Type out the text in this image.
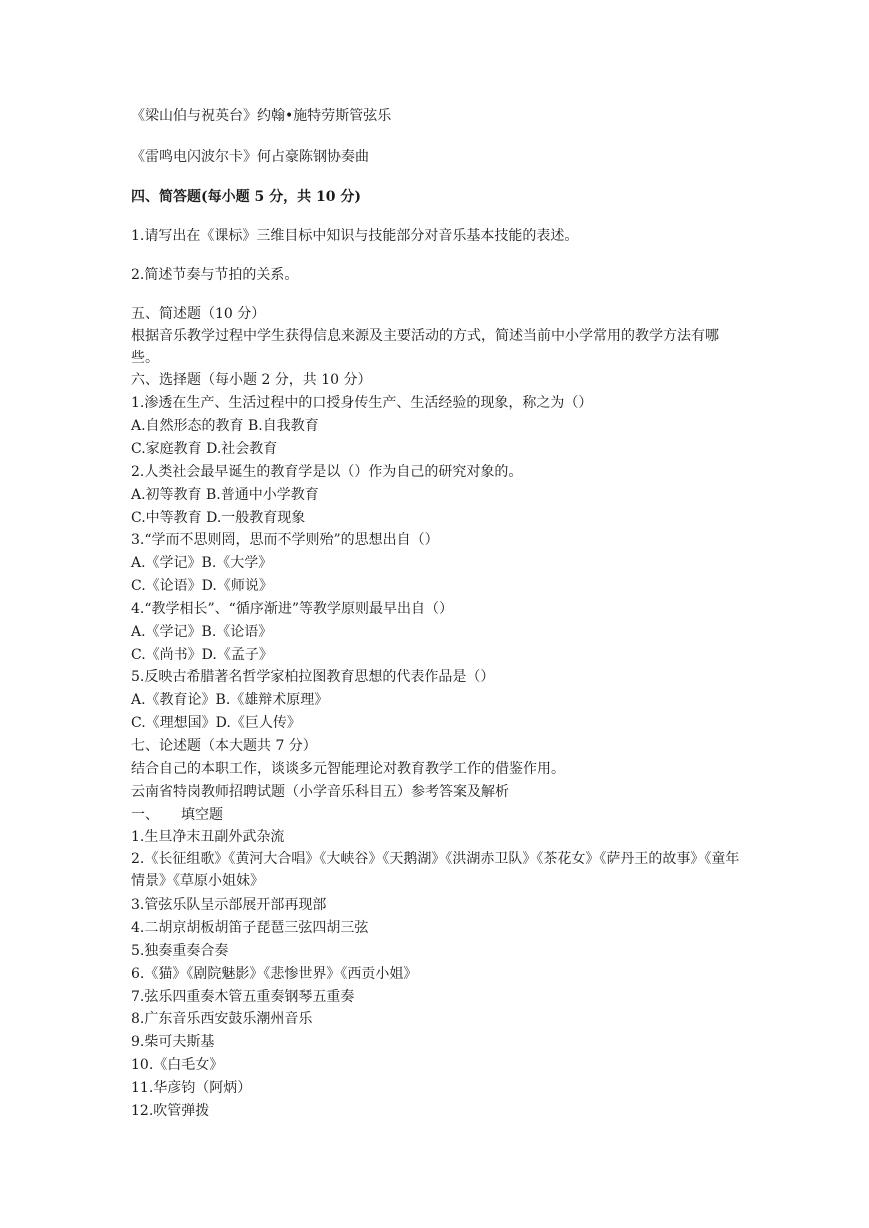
《梁山伯与祝英台》约翰•施特劳斯管弦乐
《雷鸣电闪波尔卡》何占豪陈钢协奏曲
四、简答题(每小题 5 分，共 10 分)
1.请写出在《课标》三维目标中知识与技能部分对音乐基本技能的表述。
2.简述节奏与节拍的关系。
五、简述题（10 分）
根据音乐教学过程中学生获得信息来源及主要活动的方式，简述当前中小学常用的教学方法有哪些。
六、选择题（每小题 2 分，共 10 分）
1.渗透在生产、生活过程中的口授身传生产、生活经验的现象，称之为（）
A.自然形态的教育 B.自我教育
C.家庭教育 D.社会教育
2.人类社会最早诞生的教育学是以（）作为自己的研究对象的。
A.初等教育 B.普通中小学教育
C.中等教育 D.一般教育现象
3.“学而不思则罔，思而不学则殆”的思想出自（）
A.《学记》B.《大学》
C.《论语》D.《师说》
4.“教学相长”、“循序渐进”等教学原则最早出自（）
A.《学记》B.《论语》
C.《尚书》D.《孟子》
5.反映古希腊著名哲学家柏拉图教育思想的代表作品是（）
A.《教育论》B.《雄辩术原理》
C.《理想国》D.《巨人传》
七、论述题（本大题共 7 分）
结合自己的本职工作，谈谈多元智能理论对教育教学工作的借鉴作用。
云南省特岗教师招聘试题（小学音乐科目五）参考答案及解析
一、 填空题
1.生旦净末丑副外武杂流
2.《长征组歌》《黄河大合唱》《大峡谷》《天鹅湖》《洪湖赤卫队》《茶花女》《萨丹王的故事》《童年情景》《草原小姐妹》
3.管弦乐队呈示部展开部再现部
4.二胡京胡板胡笛子琵琶三弦四胡三弦
5.独奏重奏合奏
6.《猫》《剧院魅影》《悲惨世界》《西贡小姐》
7.弦乐四重奏木管五重奏钢琴五重奏
8.广东音乐西安鼓乐潮州音乐
9.柴可夫斯基
10.《白毛女》
11.华彦钧（阿炳）
12.吹管弹拨
